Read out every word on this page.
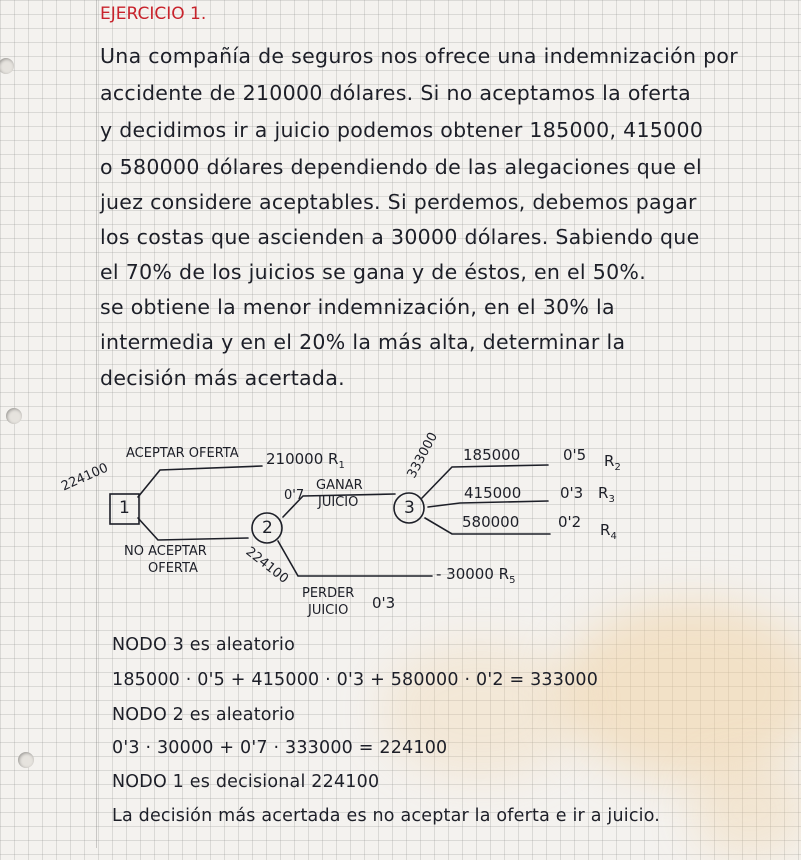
EJERCICIO 1.
Una compañía de seguros nos ofrece una indemnización por
accidente de 210000 dólares. Si no aceptamos la oferta
y decidimos ir a juicio podemos obtener 185000, 415000
o 580000 dólares dependiendo de las alegaciones que el
juez considere aceptables. Si perdemos, debemos pagar
los costas que ascienden a 30000 dólares. Sabiendo que
el 70% de los juicios se gana y de éstos, en el 50%.
se obtiene la menor indemnización, en el 30% la
intermedia y en el 20% la más alta, determinar la
decisión más acertada.
1
2
3
224100
224100
333000
ACEPTAR OFERTA 210000 $R_1$
NO ACEPTAR
OFERTA
0'7
GANAR
JUICIO
PERDER
JUICIO 0'3
- 30000 $R_5$
185000	0'5 $R_2$
415000	0'3 $R_3$
580000	0'2 $R_4$
NODO 3 es aleatorio
185000 · 0'5 + 415000 · 0'3 + 580000 · 0'2 = 333000
NODO 2 es aleatorio
0'3 · 30000 + 0'7 · 333000 = 224100
NODO 1 es decisional 224100
La decisión más acertada es no aceptar la oferta e ir a juicio.
